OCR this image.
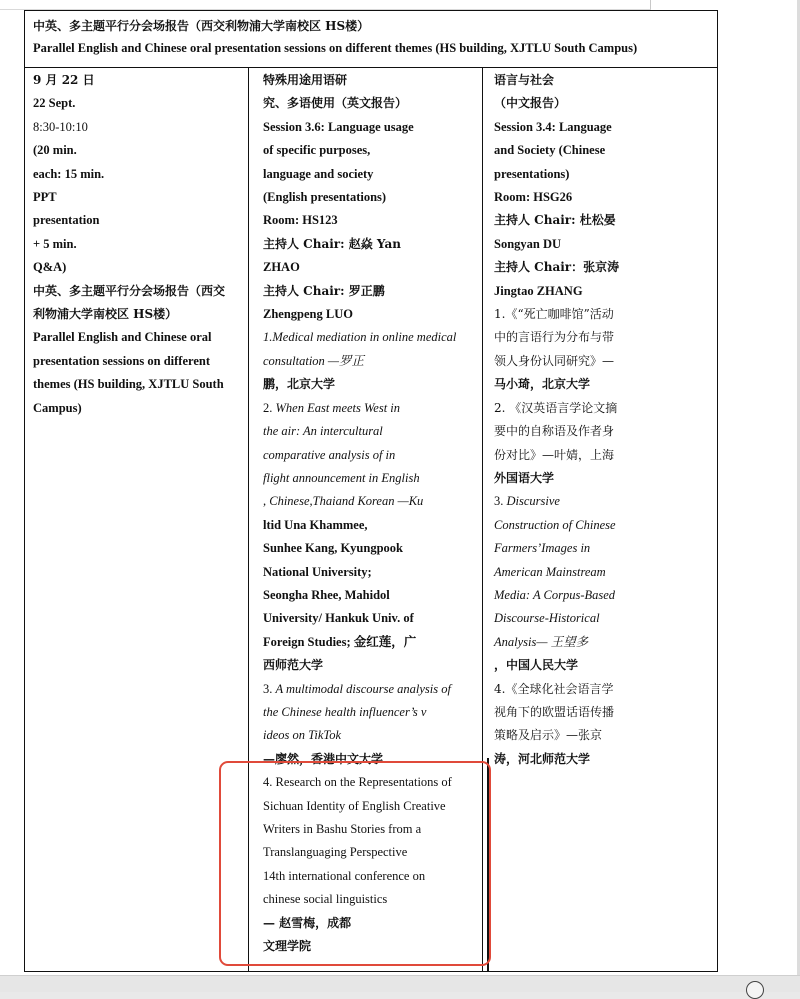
中英、多主题平行分会场报告（西交利物浦大学南校区 HS楼）
Parallel English and Chinese oral presentation sessions on different themes (HS building, XJTLU South Campus)
9 月 22 日
22 Sept.
8:30-10:10
(20 min.
each: 15 min.
PPT
presentation
+ 5 min.
Q&A)
中英、多主题平行分会场报告（西交
利物浦大学南校区 HS楼）
Parallel English and Chinese oral
presentation sessions on different
themes (HS building, XJTLU South
Campus)
特殊用途用语研
究、多语使用（英文报告）
Session 3.6: Language usage
of specific purposes,
language and society
(English presentations)
Room: HS123
主持人 Chair: 赵焱 Yan
ZHAO
主持人 Chair: 罗正鹏
Zhengpeng LUO
1.Medical mediation in online medical
consultation —罗正
鹏，北京大学
2. When East meets West in
the air: An intercultural
comparative analysis of in
flight announcement in English
, Chinese,Thaiand Korean —Ku
ltid Una Khammee,
Sunhee Kang, Kyungpook
National University;
Seongha Rhee, Mahidol
University/ Hankuk Univ. of
Foreign Studies; 金红莲，广
西师范大学
3. A multimodal discourse analysis of
the Chinese health influencer’s v
ideos on TikTok
—廖然，香港中文大学
4. Research on the Representations of
Sichuan Identity of English Creative
Writers in Bashu Stories from a
Translanguaging Perspective
14th international conference on
chinese social linguistics
— 赵雪梅，成都
文理学院
语言与社会
（中文报告）
Session 3.4: Language
and Society (Chinese
presentations)
Room: HSG26
主持人 Chair: 杜松晏
Songyan DU
主持人 Chair：张京涛
Jingtao ZHANG
1.《“死亡咖啡馆”活动
中的言语行为分布与带
领人身份认同研究》—
马小琦，北京大学
2. 《汉英语言学论文摘
要中的自称语及作者身
份对比》—叶婧，上海
外国语大学
3. Discursive
Construction of Chinese
Farmers’Images in
American Mainstream
Media: A Corpus-Based
Discourse-Historical
Analysis— 王望多
，中国人民大学
4.《全球化社会语言学
视角下的欧盟话语传播
策略及启示》—张京
涛，河北师范大学
